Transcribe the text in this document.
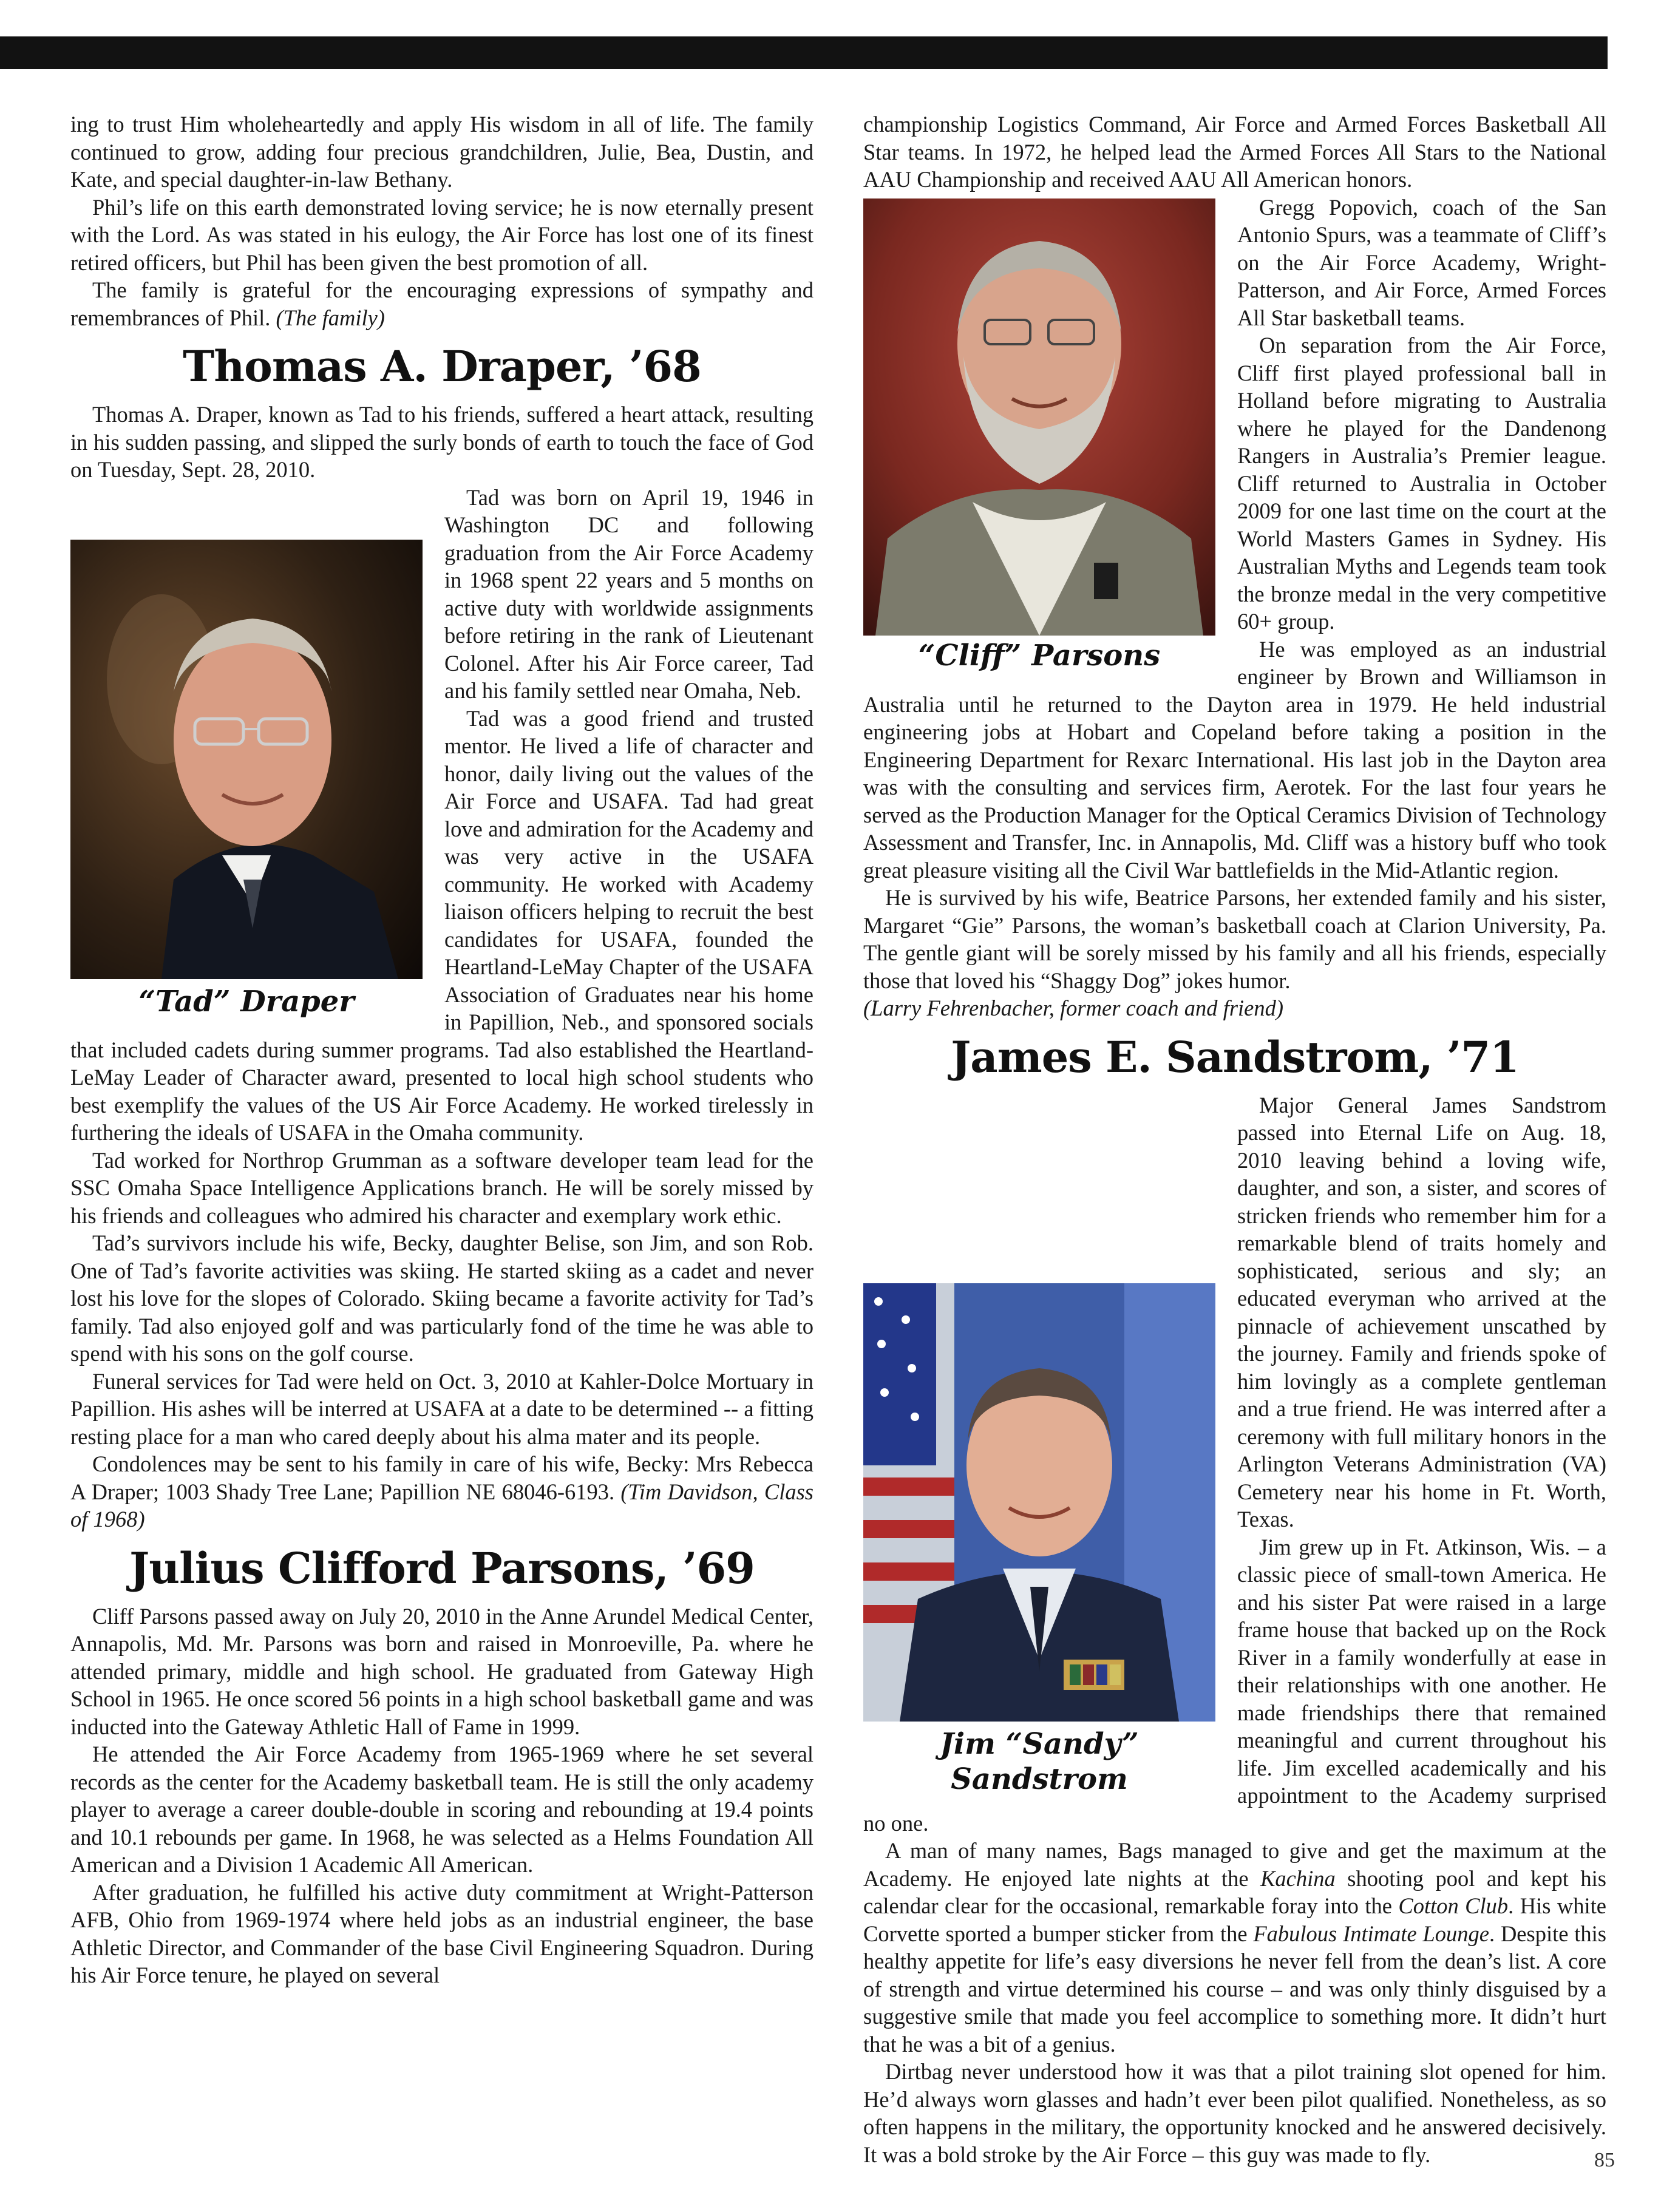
ing to trust Him wholeheartedly and apply His wisdom in all of life. The family continued to grow, adding four precious grandchildren, Julie, Bea, Dustin, and Kate, and special daughter-in-law Bethany.

Phil’s life on this earth demonstrated loving service; he is now eternally present with the Lord. As was stated in his eulogy, the Air Force has lost one of its finest retired officers, but Phil has been given the best promotion of all.

The family is grateful for the encouraging expressions of sympathy and remembrances of Phil. (The family)

Thomas A. Draper, ’68

Thomas A. Draper, known as Tad to his friends, suffered a heart attack, resulting in his sudden passing, and slipped the surly bonds of earth to touch the face of God on Tuesday, Sept. 28, 2010.

“Tad” Draper

Tad was born on April 19, 1946 in Washington DC and following graduation from the Air Force Academy in 1968 spent 22 years and 5 months on active duty with worldwide assignments before retiring in the rank of Lieutenant Colonel. After his Air Force career, Tad and his family settled near Omaha, Neb.

Tad was a good friend and trusted mentor. He lived a life of character and honor, daily living out the values of the Air Force and USAFA. Tad had great love and admiration for the Academy and was very active in the USAFA community. He worked with Academy liaison officers helping to recruit the best candidates for USAFA, founded the Heartland-LeMay Chapter of the USAFA Association of Graduates near his home in Papillion, Neb., and sponsored socials that included cadets during summer programs. Tad also established the Heartland-LeMay Leader of Character award, presented to local high school students who best exemplify the values of the US Air Force Academy. He worked tirelessly in furthering the ideals of USAFA in the Omaha community.

Tad worked for Northrop Grumman as a software developer team lead for the SSC Omaha Space Intelligence Applications branch. He will be sorely missed by his friends and colleagues who admired his character and exemplary work ethic.

Tad’s survivors include his wife, Becky, daughter Belise, son Jim, and son Rob. One of Tad’s favorite activities was skiing. He started skiing as a cadet and never lost his love for the slopes of Colorado. Skiing became a favorite activity for Tad’s family. Tad also enjoyed golf and was particularly fond of the time he was able to spend with his sons on the golf course.

Funeral services for Tad were held on Oct. 3, 2010 at Kahler-Dolce Mortuary in Papillion. His ashes will be interred at USAFA at a date to be determined -- a fitting resting place for a man who cared deeply about his alma mater and its people.

Condolences may be sent to his family in care of his wife, Becky: Mrs Rebecca A Draper; 1003 Shady Tree Lane; Papillion NE 68046-6193. (Tim Davidson, Class of 1968)

Julius Clifford Parsons, ’69

Cliff Parsons passed away on July 20, 2010 in the Anne Arundel Medical Center, Annapolis, Md. Mr. Parsons was born and raised in Monroeville, Pa. where he attended primary, middle and high school. He graduated from Gateway High School in 1965. He once scored 56 points in a high school basketball game and was inducted into the Gateway Athletic Hall of Fame in 1999.

He attended the Air Force Academy from 1965-1969 where he set several records as the center for the Academy basketball team. He is still the only academy player to average a career double-double in scoring and rebounding at 19.4 points and 10.1 rebounds per game. In 1968, he was selected as a Helms Foundation All American and a Division 1 Academic All American.

After graduation, he fulfilled his active duty commitment at Wright-Patterson AFB, Ohio from 1969-1974 where held jobs as an industrial engineer, the base Athletic Director, and Commander of the base Civil Engineering Squadron. During his Air Force tenure, he played on several

championship Logistics Command, Air Force and Armed Forces Basketball All Star teams. In 1972, he helped lead the Armed Forces All Stars to the National AAU Championship and received AAU All American honors.

“Cliff” Parsons

Gregg Popovich, coach of the San Antonio Spurs, was a teammate of Cliff’s on the Air Force Academy, Wright-Patterson, and Air Force, Armed Forces All Star basketball teams.

On separation from the Air Force, Cliff first played professional ball in Holland before migrating to Australia where he played for the Dandenong Rangers in Australia’s Premier league. Cliff returned to Australia in October 2009 for one last time on the court at the World Masters Games in Sydney. His Australian Myths and Legends team took the bronze medal in the very competitive 60+ group.

He was employed as an industrial engineer by Brown and Williamson in Australia until he returned to the Dayton area in 1979. He held industrial engineering jobs at Hobart and Copeland before taking a position in the Engineering Department for Rexarc International. His last job in the Dayton area was with the consulting and services firm, Aerotek. For the last four years he served as the Production Manager for the Optical Ceramics Division of Technology Assessment and Transfer, Inc. in Annapolis, Md. Cliff was a history buff who took great pleasure visiting all the Civil War battlefields in the Mid-Atlantic region.

He is survived by his wife, Beatrice Parsons, her extended family and his sister, Margaret “Gie” Parsons, the woman’s basketball coach at Clarion University, Pa. The gentle giant will be sorely missed by his family and all his friends, especially those that loved his “Shaggy Dog” jokes humor.

(Larry Fehrenbacher, former coach and friend)

James E. Sandstrom, ’71
Jim “Sandy” Sandstrom

Major General James Sandstrom passed into Eternal Life on Aug. 18, 2010 leaving behind a loving wife, daughter, and son, a sister, and scores of stricken friends who remember him for a remarkable blend of traits homely and sophisticated, serious and sly; an educated everyman who arrived at the pinnacle of achievement unscathed by the journey. Family and friends spoke of him lovingly as a complete gentleman and a true friend. He was interred after a ceremony with full military honors in the Arlington Veterans Administration (VA) Cemetery near his home in Ft. Worth, Texas.

Jim grew up in Ft. Atkinson, Wis. – a classic piece of small-town America. He and his sister Pat were raised in a large frame house that backed up on the Rock River in a family wonderfully at ease in their relationships with one another. He made friendships there that remained meaningful and current throughout his life. Jim excelled academically and his appointment to the Academy surprised no one.

A man of many names, Bags managed to give and get the maximum at the Academy. He enjoyed late nights at the Kachina shooting pool and kept his calendar clear for the occasional, remarkable foray into the Cotton Club. His white Corvette sported a bumper sticker from the Fabulous Intimate Lounge. Despite this healthy appetite for life’s easy diversions he never fell from the dean’s list. A core of strength and virtue determined his course – and was only thinly disguised by a suggestive smile that made you feel accomplice to something more. It didn’t hurt that he was a bit of a genius.

Dirtbag never understood how it was that a pilot training slot opened for him. He’d always worn glasses and hadn’t ever been pilot qualified. Nonetheless, as so often happens in the military, the opportunity knocked and he answered decisively. It was a bold stroke by the Air Force – this guy was made to fly.	85
